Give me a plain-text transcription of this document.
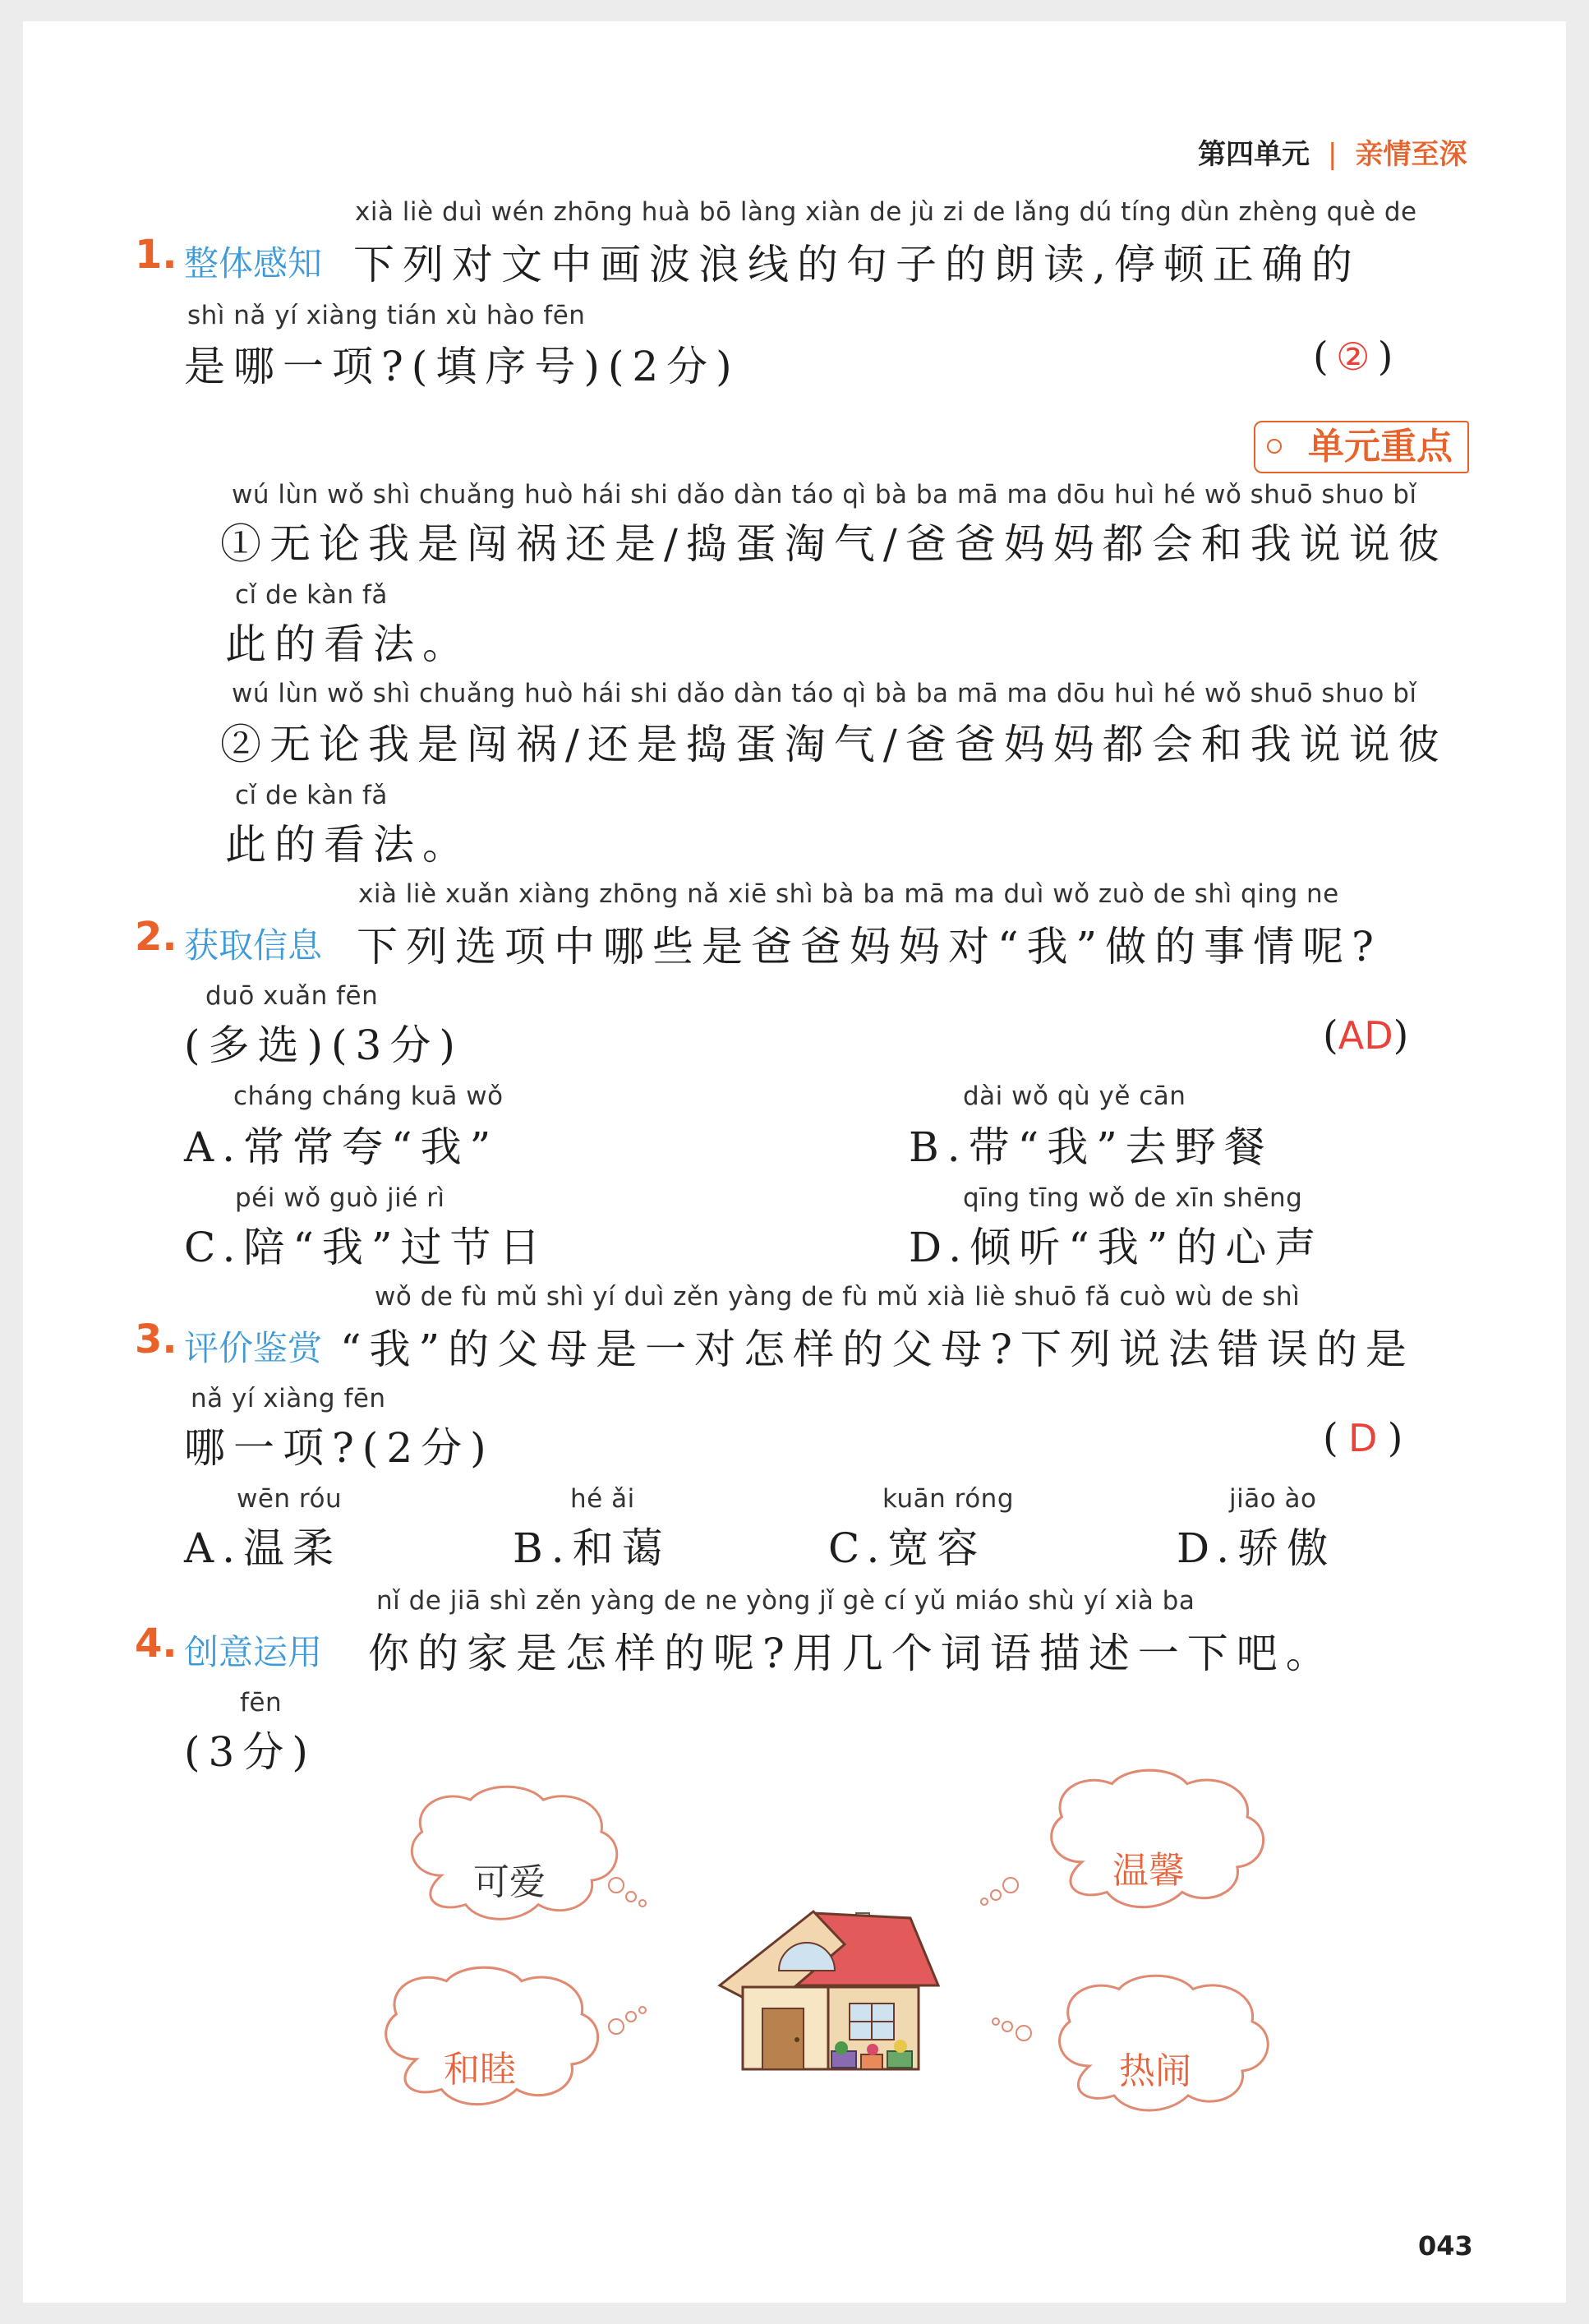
第四单元 | 亲情至深
xià liè duì wén zhōng huà bō làng xiàn de jù zi de lǎng dú tíng dùn zhèng què de
1. 整体感知 下列对文中画波浪线的句子的朗读,停顿正确的
shì nǎ yí xiàng tián xù hào fēn
是哪一项?(填序号)(2分)	( ② )
单元重点
wú lùn wǒ shì chuǎng huò hái shi dǎo dàn táo qì bà ba mā ma dōu huì hé wǒ shuō shuo bǐ
①无论我是闯祸还是/捣蛋淘气/爸爸妈妈都会和我说说彼
cǐ de kàn fǎ
此的看法。
wú lùn wǒ shì chuǎng huò hái shi dǎo dàn táo qì bà ba mā ma dōu huì hé wǒ shuō shuo bǐ
②无论我是闯祸/还是捣蛋淘气/爸爸妈妈都会和我说说彼
cǐ de kàn fǎ
此的看法。
xià liè xuǎn xiàng zhōng nǎ xiē shì bà ba mā ma duì wǒ zuò de shì qing ne
2. 获取信息 下列选项中哪些是爸爸妈妈对“我”做的事情呢?
duō xuǎn fēn
(多选)(3分)	(AD)
cháng cháng kuā wǒ
A.常常夸“我”
dài wǒ qù yě cān
B.带“我”去野餐
péi wǒ guò jié rì
C.陪“我”过节日
qīng tīng wǒ de xīn shēng
D.倾听“我”的心声
wǒ de fù mǔ shì yí duì zěn yàng de fù mǔ xià liè shuō fǎ cuò wù de shì
3. 评价鉴赏 “我”的父母是一对怎样的父母?下列说法错误的是
nǎ yí xiàng fēn
哪一项?(2分)	( D )
wēn róu
A.温柔
hé ǎi
B.和蔼
kuān róng
C.宽容
jiāo ào
D.骄傲
nǐ de jiā shì zěn yàng de ne yòng jǐ gè cí yǔ miáo shù yí xià ba
4. 创意运用 你的家是怎样的呢?用几个词语描述一下吧。
fēn
(3分)
可爱	温馨
和睦	热闹
043
